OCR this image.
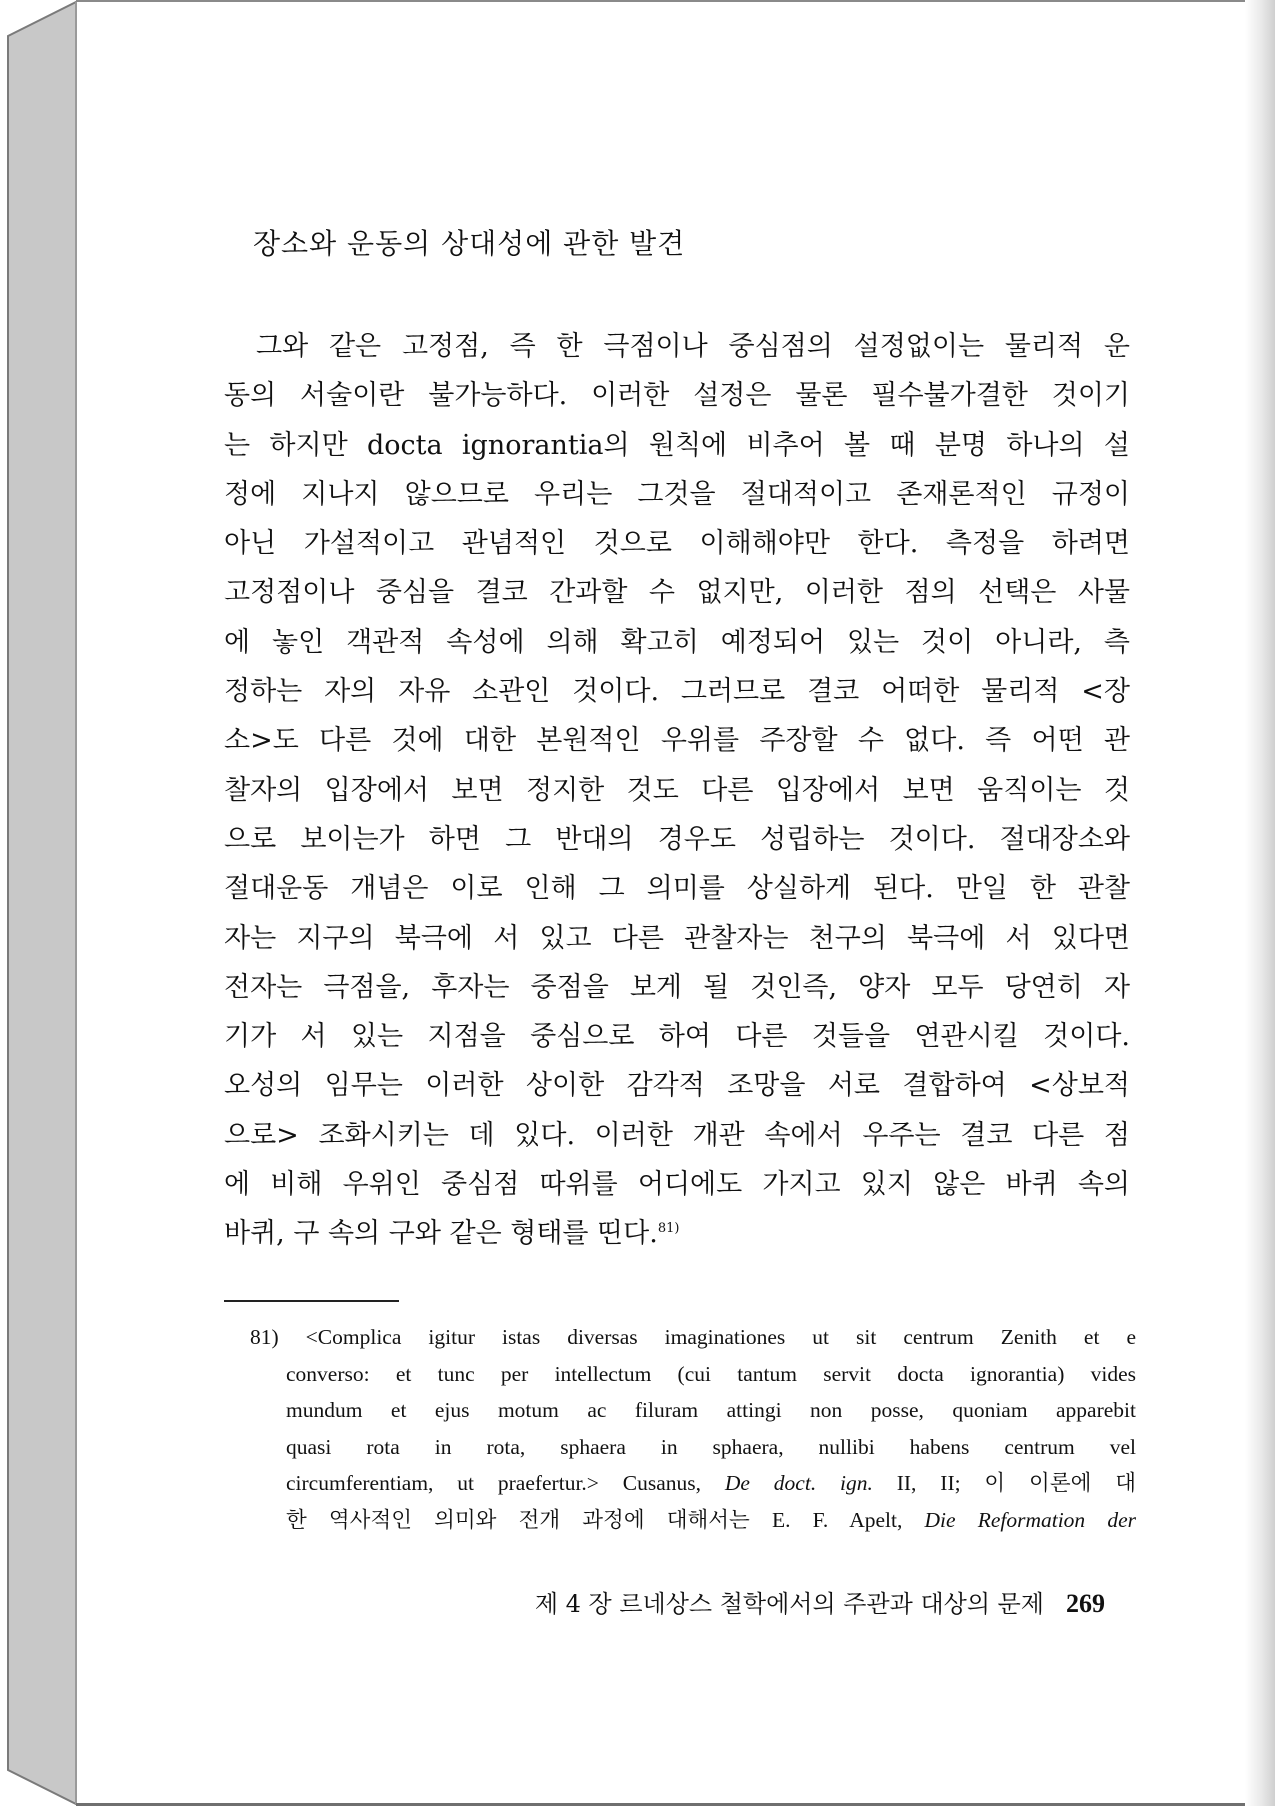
장소와 운동의 상대성에 관한 발견
그와 같은 고정점, 즉 한 극점이나 중심점의 설정없이는 물리적 운
동의 서술이란 불가능하다. 이러한 설정은 물론 필수불가결한 것이기
는 하지만 docta ignorantia의 원칙에 비추어 볼 때 분명 하나의 설
정에 지나지 않으므로 우리는 그것을 절대적이고 존재론적인 규정이
아닌 가설적이고 관념적인 것으로 이해해야만 한다. 측정을 하려면
고정점이나 중심을 결코 간과할 수 없지만, 이러한 점의 선택은 사물
에 놓인 객관적 속성에 의해 확고히 예정되어 있는 것이 아니라, 측
정하는 자의 자유 소관인 것이다. 그러므로 결코 어떠한 물리적 <장
소>도 다른 것에 대한 본원적인 우위를 주장할 수 없다. 즉 어떤 관
찰자의 입장에서 보면 정지한 것도 다른 입장에서 보면 움직이는 것
으로 보이는가 하면 그 반대의 경우도 성립하는 것이다. 절대장소와
절대운동 개념은 이로 인해 그 의미를 상실하게 된다. 만일 한 관찰
자는 지구의 북극에 서 있고 다른 관찰자는 천구의 북극에 서 있다면
전자는 극점을, 후자는 중점을 보게 될 것인즉, 양자 모두 당연히 자
기가 서 있는 지점을 중심으로 하여 다른 것들을 연관시킬 것이다.
오성의 임무는 이러한 상이한 감각적 조망을 서로 결합하여 <상보적
으로> 조화시키는 데 있다. 이러한 개관 속에서 우주는 결코 다른 점
에 비해 우위인 중심점 따위를 어디에도 가지고 있지 않은 바퀴 속의
바퀴, 구 속의 구와 같은 형태를 띤다.$^{81)}$
81) <Complica igitur istas diversas imaginationes ut sit centrum Zenith et e
converso: et tunc per intellectum (cui tantum servit docta ignorantia) vides
mundum et ejus motum ac filuram attingi non posse, quoniam apparebit
quasi rota in rota, sphaera in sphaera, nullibi habens centrum vel
circumferentiam, ut praefertur.> Cusanus, De doct. ign. II, II; 이 이론에 대
한 역사적인 의미와 전개 과정에 대해서는 E. F. Apelt, Die Reformation der
제 4 장 르네상스 철학에서의 주관과 대상의 문제 269
